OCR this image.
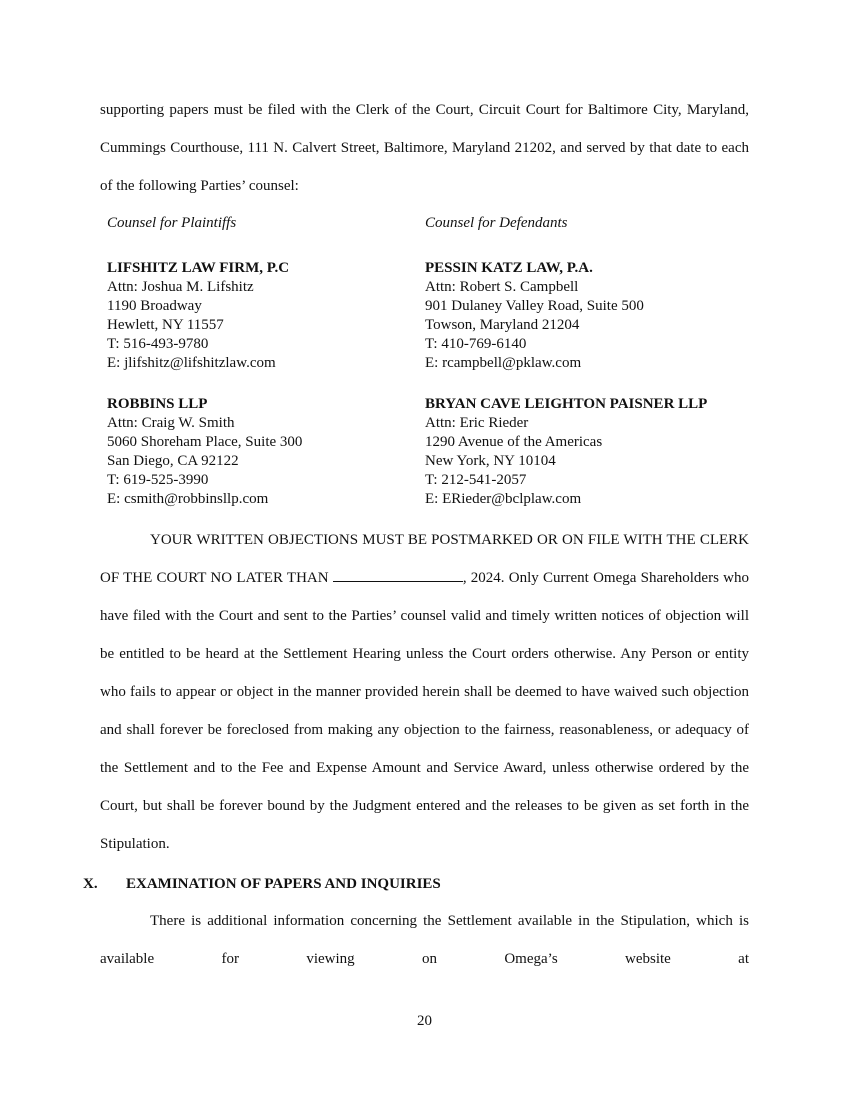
supporting papers must be filed with the Clerk of the Court, Circuit Court for Baltimore City, Maryland, Cummings Courthouse, 111 N. Calvert Street, Baltimore, Maryland 21202, and served by that date to each of the following Parties’ counsel:
Counsel for Plaintiffs	Counsel for Defendants
LIFSHITZ LAW FIRM, P.C
Attn: Joshua M. Lifshitz
1190 Broadway
Hewlett, NY 11557
T: 516-493-9780
E: jlifshitz@lifshitzlaw.com
PESSIN KATZ LAW, P.A.
Attn: Robert S. Campbell
901 Dulaney Valley Road, Suite 500
Towson, Maryland 21204
T: 410-769-6140
E: rcampbell@pklaw.com
ROBBINS LLP
Attn: Craig W. Smith
5060 Shoreham Place, Suite 300
San Diego, CA 92122
T: 619-525-3990
E: csmith@robbinsllp.com
BRYAN CAVE LEIGHTON PAISNER LLP
Attn: Eric Rieder
1290 Avenue of the Americas
New York, NY 10104
T: 212-541-2057
E: ERieder@bclplaw.com
YOUR WRITTEN OBJECTIONS MUST BE POSTMARKED OR ON FILE WITH THE CLERK OF THE COURT NO LATER THAN	, 2024. Only Current Omega Shareholders who have filed with the Court and sent to the Parties’ counsel valid and timely written notices of objection will be entitled to be heard at the Settlement Hearing unless the Court orders otherwise. Any Person or entity who fails to appear or object in the manner provided herein shall be deemed to have waived such objection and shall forever be foreclosed from making any objection to the fairness, reasonableness, or adequacy of the Settlement and to the Fee and Expense Amount and Service Award, unless otherwise ordered by the Court, but shall be forever bound by the Judgment entered and the releases to be given as set forth in the Stipulation.
X. EXAMINATION OF PAPERS AND INQUIRIES
There is additional information concerning the Settlement available in the Stipulation, which is available for viewing on Omega’s website at
20
